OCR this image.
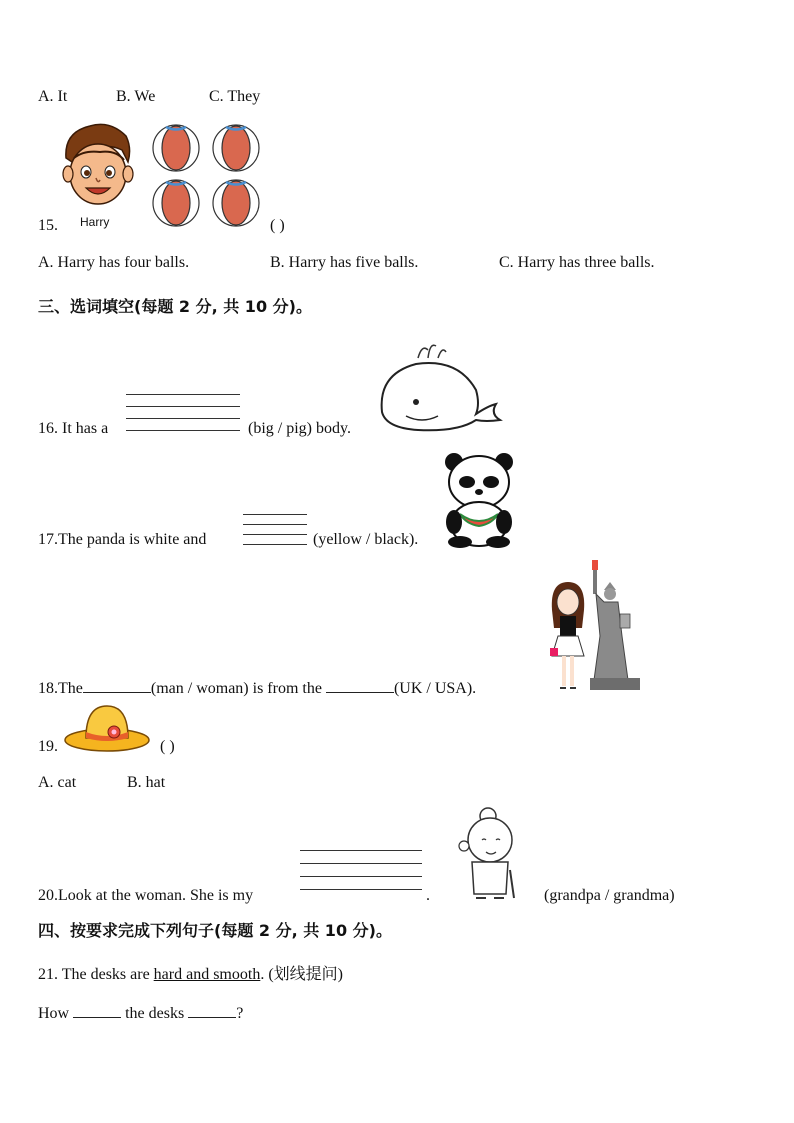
A. It	B. We	C. They
Harry
15.	( )
A. Harry has four balls.	B. Harry has five balls.	C. Harry has three balls.
三、选词填空(每题 2 分, 共 10 分)。
16. It has a	(big / pig) body.
17.The panda is white and	(yellow / black).
18.The	(man / woman) is from the	(UK / USA).
19.	( )
A. cat	B. hat
20.Look at the woman. She is my	.	(grandpa / grandma)
四、按要求完成下列句子(每题 2 分, 共 10 分)。
21. The desks are hard and smooth. (划线提问)
How	the desks	?
